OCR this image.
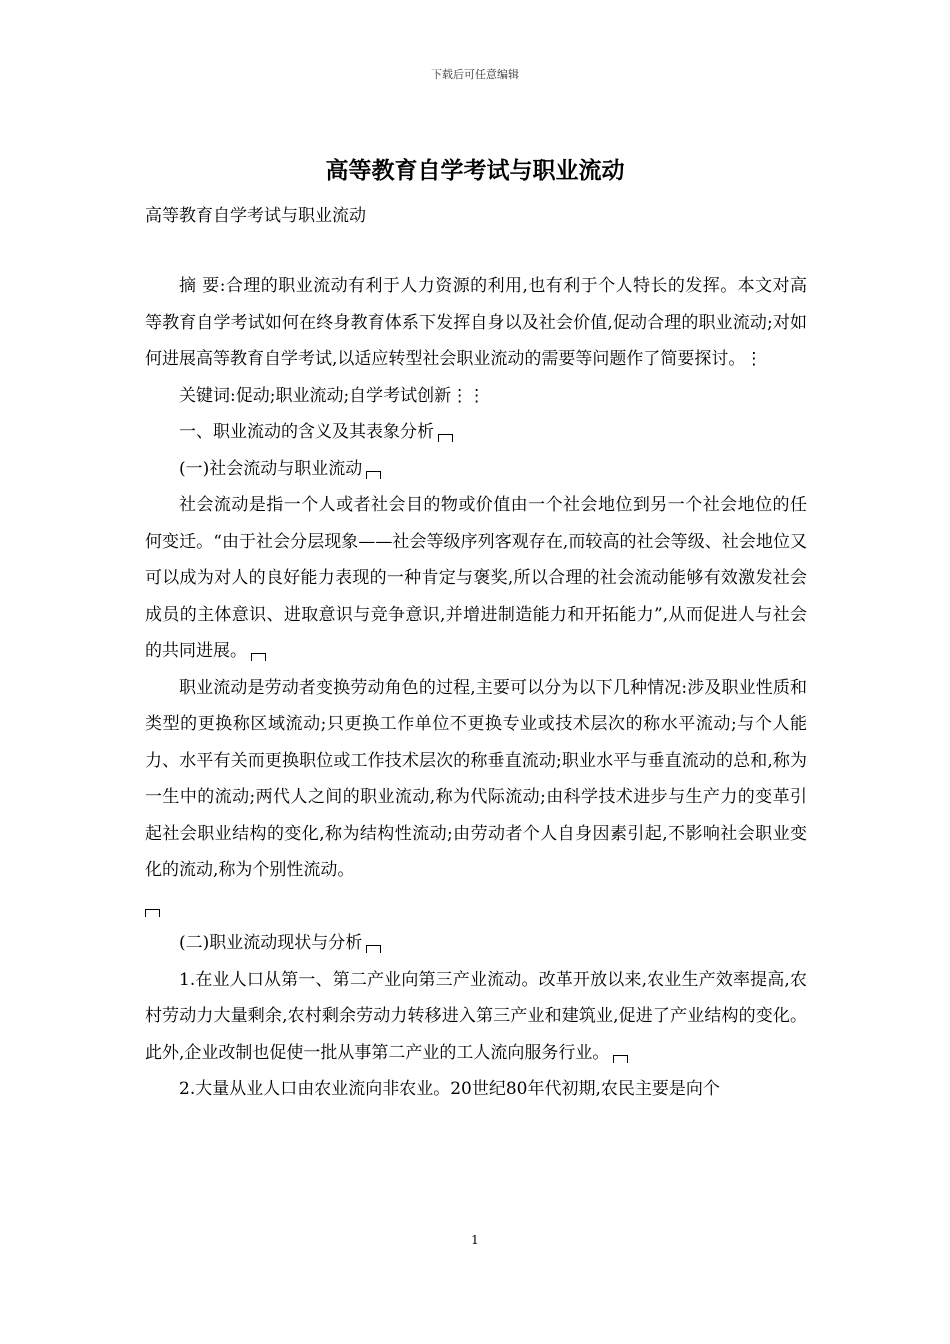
下载后可任意编辑
高等教育自学考试与职业流动
高等教育自学考试与职业流动

摘 要:合理的职业流动有利于人力资源的利用,也有利于个人特长的发挥。本文对高等教育自学考试如何在终身教育体系下发挥自身以及社会价值,促动合理的职业流动;对如何进展高等教育自学考试,以适应转型社会职业流动的需要等问题作了简要探讨。⋮

关键词:促动;职业流动;自学考试创新⋮⋮

一、职业流动的含义及其表象分析

(一)社会流动与职业流动

社会流动是指一个人或者社会目的物或价值由一个社会地位到另一个社会地位的任何变迁。“由于社会分层现象——社会等级序列客观存在,而较高的社会等级、社会地位又可以成为对人的良好能力表现的一种肯定与褒奖,所以合理的社会流动能够有效激发社会成员的主体意识、进取意识与竞争意识,并增进制造能力和开拓能力”,从而促进人与社会的共同进展。

职业流动是劳动者变换劳动角色的过程,主要可以分为以下几种情况:涉及职业性质和类型的更换称区域流动;只更换工作单位不更换专业或技术层次的称水平流动;与个人能力、水平有关而更换职位或工作技术层次的称垂直流动;职业水平与垂直流动的总和,称为一生中的流动;两代人之间的职业流动,称为代际流动;由科学技术进步与生产力的变革引起社会职业结构的变化,称为结构性流动;由劳动者个人自身因素引起,不影响社会职业变化的流动,称为个别性流动。

(二)职业流动现状与分析

1.在业人口从第一、第二产业向第三产业流动。改革开放以来,农业生产效率提高,农村劳动力大量剩余,农村剩余劳动力转移进入第三产业和建筑业,促进了产业结构的变化。此外,企业改制也促使一批从事第二产业的工人流向服务行业。

2.大量从业人口由农业流向非农业。20世纪80年代初期,农民主要是向个

1
